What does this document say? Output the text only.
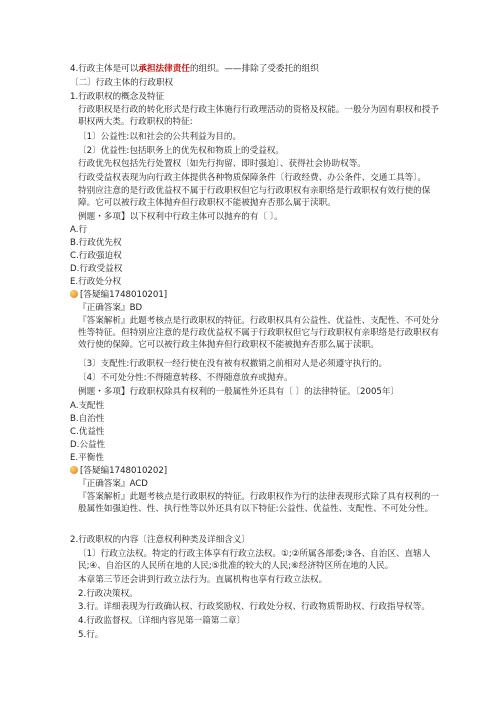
4.行政主体是可以承担法律责任的组织。——排除了受委托的组织
〔二〕行政主体的行政职权
1.行政职权的概念及特征
行政职权是行政的转化形式是行政主体施行行政理活动的资格及权能。一般分为固有职权和授予职权两大类。行政职权的特征:
〔1〕公益性:以和社会的公共利益为目的。
〔2〕优益性:包括职务上的优先权和物质上的受益权。
行政优先权包括先行处置权〔如先行拘留、即时强迫〕、获得社会协助权等。
行政受益权表现为向行政主体提供各种物质保障条件〔行政经费、办公条件、交通工具等〕。
特别应注意的是行政优益权不属于行政职权但它与行政职权有亲职络是行政职权有效行使的保障。它可以被行政主体抛弃但行政职权不能被抛弃否那么属于渎职。
例题・多项】以下权利中行政主体可以抛弃的有〔 〕。
A.行
B.行政优先权
C.行政强迫权
D.行政受益权
E.行政处分权
[答疑编1748010201]
『正确答案』BD
『答案解析』此题考核点是行政职权的特征。行政职权具有公益性、优益性、支配性、不可处分性等特征。但特别应注意的是行政优益权不属于行政职权但它与行政职权有亲职络是行政职权有效行使的保障。它可以被行政主体抛弃但行政职权不能被抛弃否那么属于渎职。
〔3〕支配性:行政职权一经行使在没有被有权撤销之前相对人是必须遵守执行的。
〔4〕不可处分性:不得随意转移、不得随意放弃或抛弃。
例题・多项】行政职权除具有权利的一般属性外还具有〔 〕的法律特征。〔2005年〕
A.支配性
B.自治性
C.优益性
D.公益性
E.平衡性
[答疑编1748010202]
『正确答案』ACD
『答案解析』此题考核点是行政职权的特征。行政职权作为行的法律表现形式除了具有权利的一般属性如强迫性、性、执行性等以外还具有以下特征:公益性、优益性、支配性、不可处分性。
2.行政职权的内容〔注意权利种类及详细含义〕
〔1〕行政立法权。特定的行政主体享有行政立法权。①;②所属各部委;③各、自治区、直辖人民;④、自治区的人民所在地的人民;⑤批准的较大的人民;⑥经济特区所在地的人民。
本章第三节还会讲到行政立法行为。直属机构也享有行政立法权。
2.行政决策权。
3.行。详细表现为行政确认权、行政奖励权、行政处分权、行政物质帮助权、行政指导权等。
4.行政监督权。〔详细内容见第一篇第二章〕
5.行。
